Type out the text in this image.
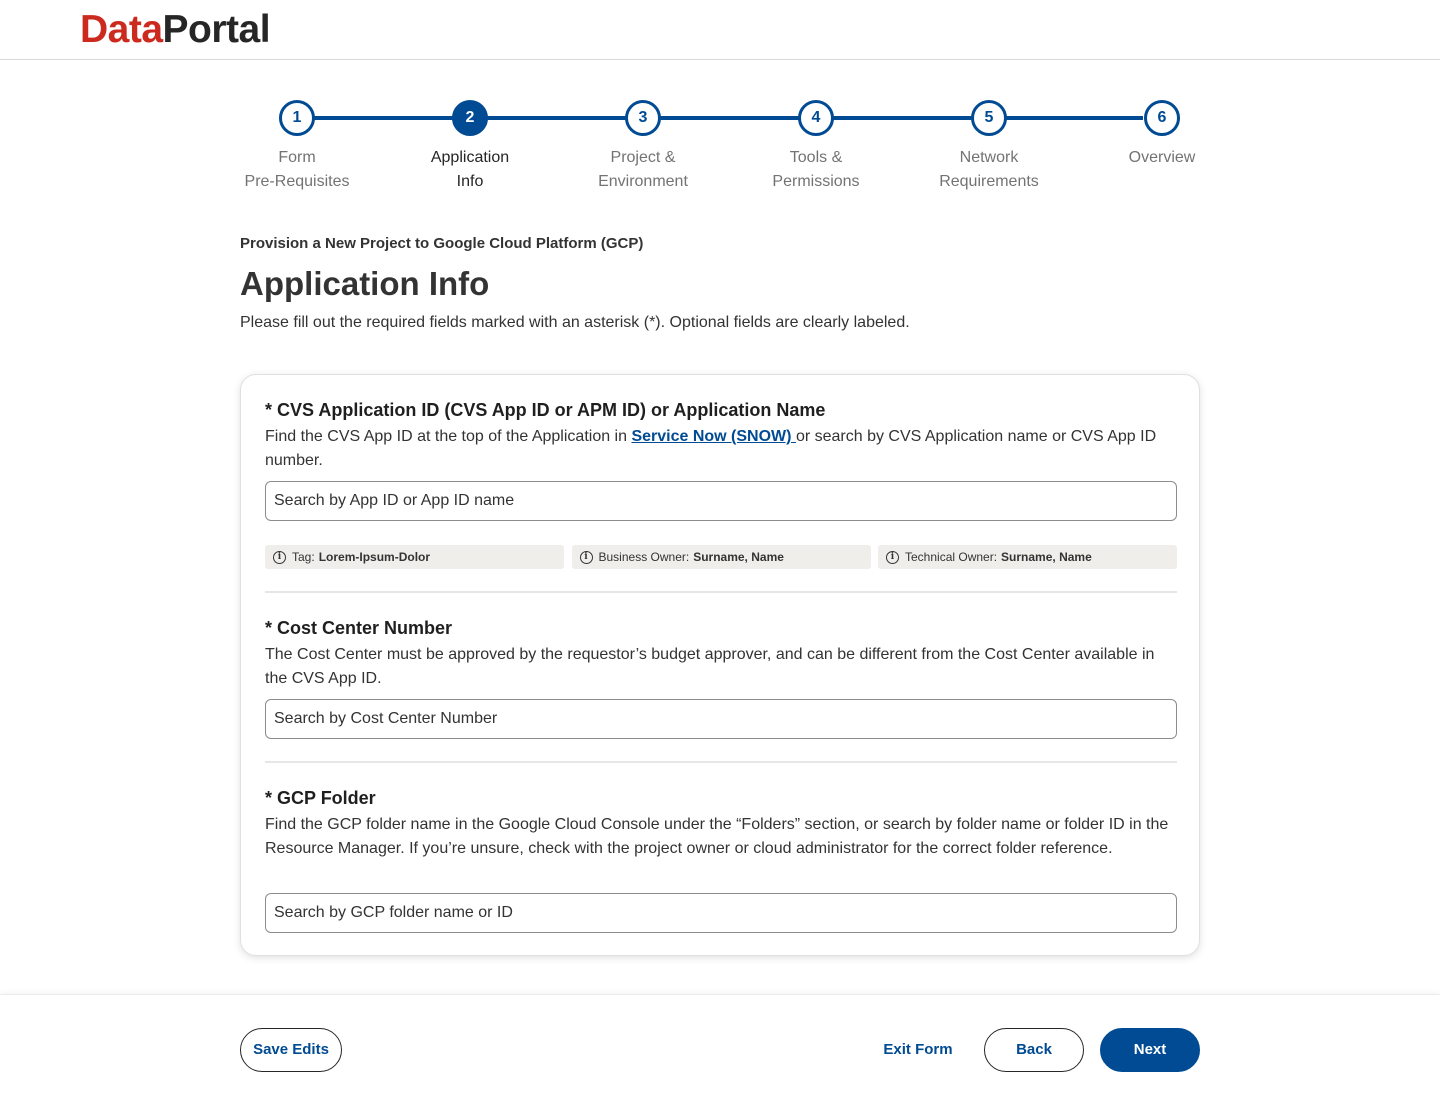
DataPortal
1
Form
Pre-Requisites
2
Application
Info
3
Project &
Environment
4
Tools &
Permissions
5
Network
Requirements
6
Overview
Provision a New Project to Google Cloud Platform (GCP)
Application Info
Please fill out the required fields marked with an asterisk (*). Optional fields are clearly labeled.
* CVS Application ID (CVS App ID or APM ID) or Application Name

Find the CVS App ID at the top of the Application in Service Now (SNOW) or search by CVS Application name or CVS App ID number.

Search by App ID or App ID name
i Tag: Lorem-Ipsum-Dolor	i Business Owner: Surname, Name	i Technical Owner: Surname, Name
* Cost Center Number

The Cost Center must be approved by the requestor’s budget approver, and can be different from the Cost Center available in the CVS App ID.

Search by Cost Center Number
* GCP Folder

Find the GCP folder name in the Google Cloud Console under the “Folders” section, or search by folder name or folder ID in the Resource Manager. If you’re unsure, check with the project owner or cloud administrator for the correct folder reference.

Search by GCP folder name or ID
Save Edits	Exit Form	Back	Next
